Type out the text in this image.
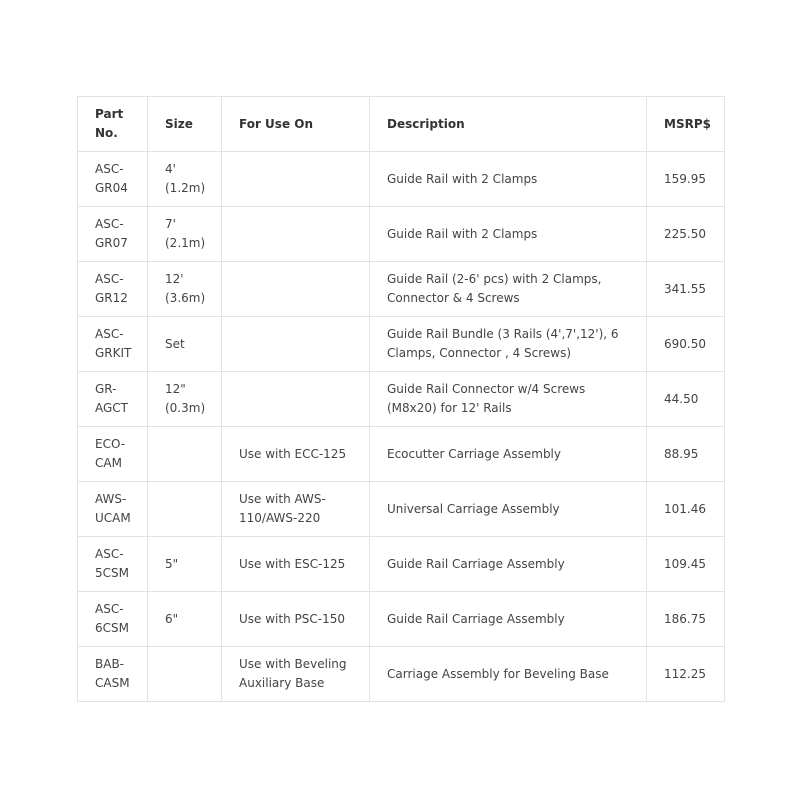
Part No.	Size	For Use On	Description	MSRP$
ASC-GR04	4' (1.2m)		Guide Rail with 2 Clamps	159.95
ASC-GR07	7' (2.1m)		Guide Rail with 2 Clamps	225.50
ASC-GR12	12' (3.6m)		Guide Rail (2-6' pcs) with 2 Clamps, Connector & 4 Screws	341.55
ASC-GRKIT	Set		Guide Rail Bundle (3 Rails (4',7',12'), 6 Clamps, Connector , 4 Screws)	690.50
GR-AGCT	12" (0.3m)		Guide Rail Connector w/4 Screws (M8x20) for 12' Rails	44.50
ECO-CAM		Use with ECC-125	Ecocutter Carriage Assembly	88.95
AWS-UCAM		Use with AWS-110/AWS-220	Universal Carriage Assembly	101.46
ASC-5CSM	5"	Use with ESC-125	Guide Rail Carriage Assembly	109.45
ASC-6CSM	6"	Use with PSC-150	Guide Rail Carriage Assembly	186.75
BAB-CASM		Use with Beveling Auxiliary Base	Carriage Assembly for Beveling Base	112.25
